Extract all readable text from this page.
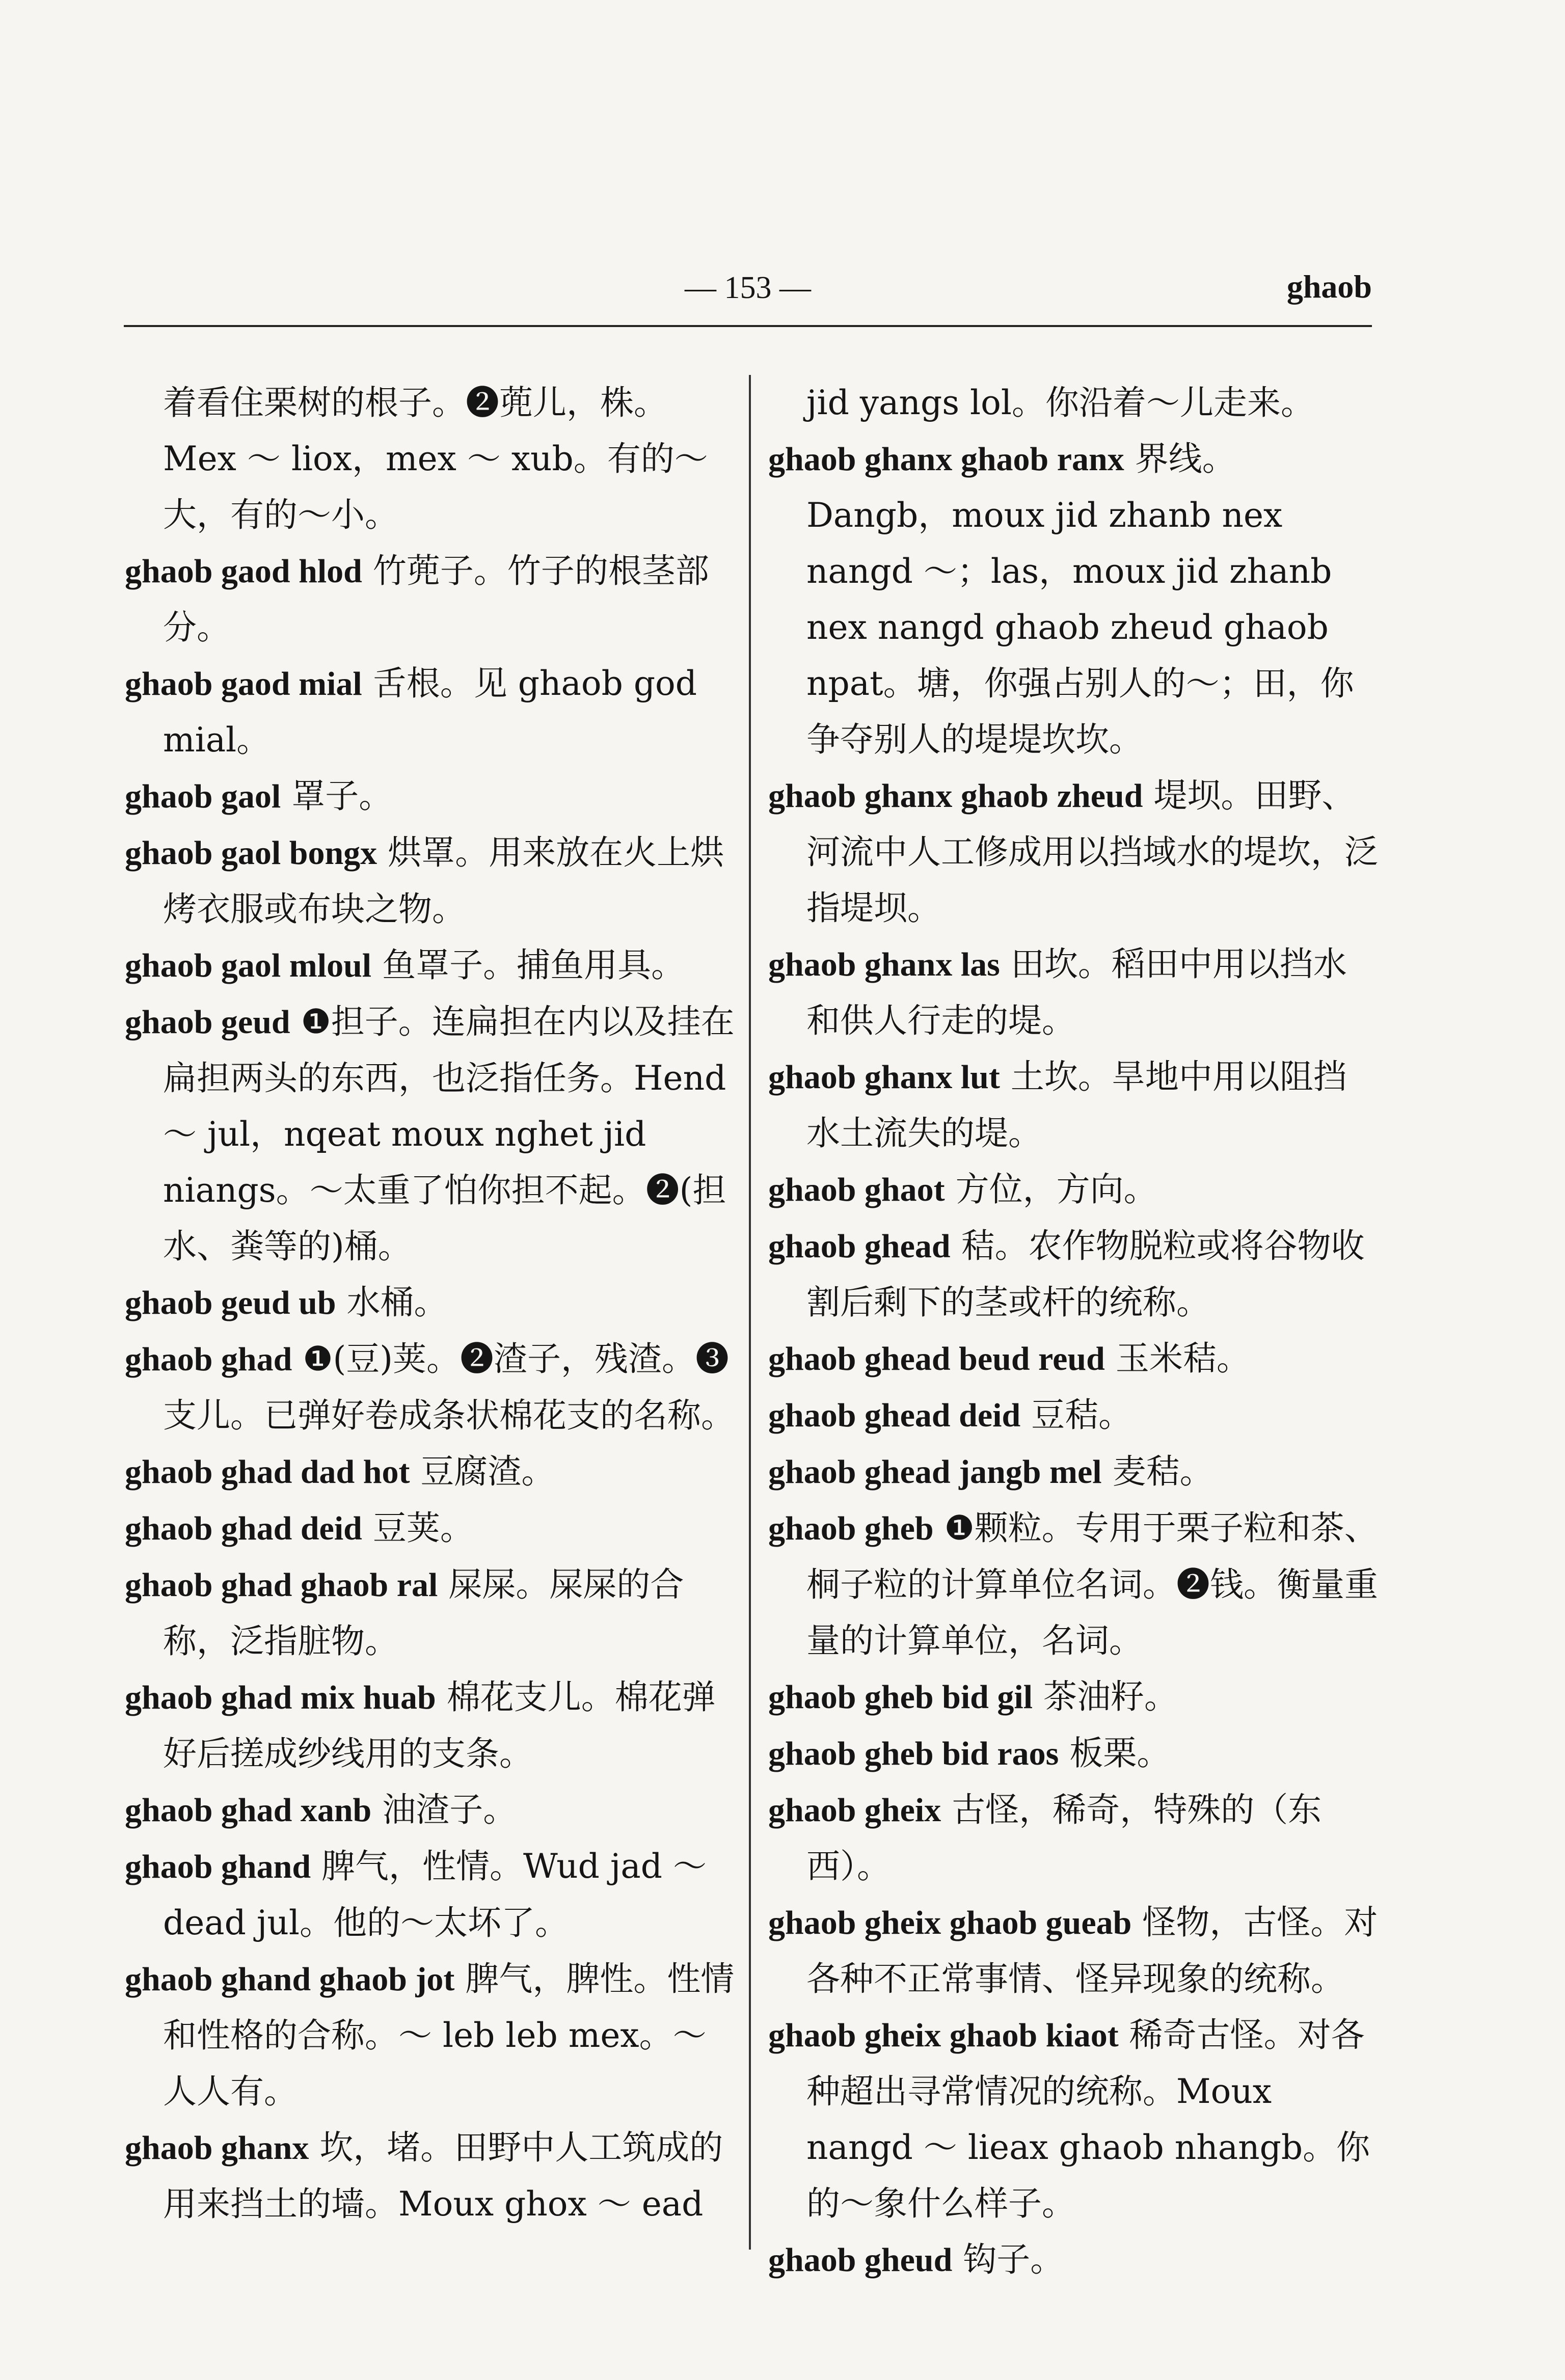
— 153 —	ghaob
着看住栗树的根子。❷蔸儿，株。Mex ～ liox，mex ～ xub。有的～大，有的～小。
ghaob gaod hlod 竹蔸子。竹子的根茎部分。
ghaob gaod mial 舌根。见 ghaob god mial。
ghaob gaol 罩子。
ghaob gaol bongx 烘罩。用来放在火上烘烤衣服或布块之物。
ghaob gaol mloul 鱼罩子。捕鱼用具。
ghaob geud ❶担子。连扁担在内以及挂在扁担两头的东西，也泛指任务。Hend ～ jul，nqeat moux nghet jid niangs。～太重了怕你担不起。❷(担水、粪等的)桶。
ghaob geud ub 水桶。
ghaob ghad ❶(豆)荚。❷渣子，残渣。❸支儿。已弹好卷成条状棉花支的名称。
ghaob ghad dad hot 豆腐渣。
ghaob ghad deid 豆荚。
ghaob ghad ghaob ral 屎屎。屎屎的合称，泛指脏物。
ghaob ghad mix huab 棉花支儿。棉花弹好后搓成纱线用的支条。
ghaob ghad xanb 油渣子。
ghaob ghand 脾气，性情。Wud jad ～ dead jul。他的～太坏了。
ghaob ghand ghaob jot 脾气，脾性。性情和性格的合称。～ leb leb mex。～人人有。
ghaob ghanx 坎，堵。田野中人工筑成的用来挡土的墙。Moux ghox ～ ead
jid yangs lol。你沿着～儿走来。
ghaob ghanx ghaob ranx 界线。Dangb，moux jid zhanb nex nangd ～；las，moux jid zhanb nex nangd ghaob zheud ghaob npat。塘，你强占别人的～；田，你争夺别人的堤堤坎坎。
ghaob ghanx ghaob zheud 堤坝。田野、河流中人工修成用以挡域水的堤坎，泛指堤坝。
ghaob ghanx las 田坎。稻田中用以挡水和供人行走的堤。
ghaob ghanx lut 土坎。旱地中用以阻挡水土流失的堤。
ghaob ghaot 方位，方向。
ghaob ghead 秸。农作物脱粒或将谷物收割后剩下的茎或杆的统称。
ghaob ghead beud reud 玉米秸。
ghaob ghead deid 豆秸。
ghaob ghead jangb mel 麦秸。
ghaob gheb ❶颗粒。专用于栗子粒和茶、桐子粒的计算单位名词。❷钱。衡量重量的计算单位，名词。
ghaob gheb bid gil 茶油籽。
ghaob gheb bid raos 板栗。
ghaob gheix 古怪，稀奇，特殊的（东西）。
ghaob gheix ghaob gueab 怪物，古怪。对各种不正常事情、怪异现象的统称。
ghaob gheix ghaob kiaot 稀奇古怪。对各种超出寻常情况的统称。Moux nangd ～ lieax ghaob nhangb。你的～象什么样子。
ghaob gheud 钩子。
